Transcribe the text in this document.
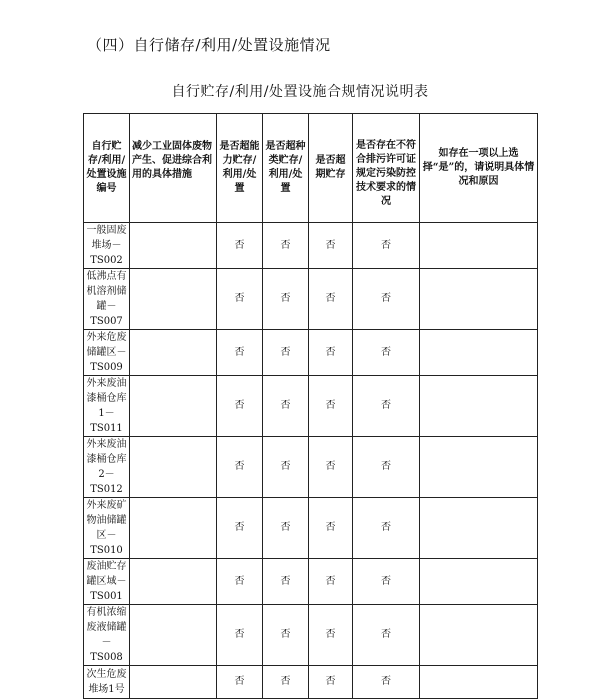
（四）自行储存/利用/处置设施情况
自行贮存/利用/处置设施合规情况说明表
自行贮存/利用/处置设施编号	减少工业固体废物产生、促进综合利用的具体措施	是否超能力贮存/利用/处置	是否超种类贮存/利用/处置	是否超期贮存	是否存在不符合排污许可证规定污染防控技术要求的情况	如存在一项以上选择“是”的，请说明具体情况和原因
一般固废堆场－TS002		否	否	否	否	
低沸点有机溶剂储罐－TS007		否	否	否	否	
外来危废储罐区－TS009		否	否	否	否	
外来废油漆桶仓库1－TS011		否	否	否	否	
外来废油漆桶仓库2－TS012		否	否	否	否	
外来废矿物油储罐区－TS010		否	否	否	否	
废油贮存罐区域－TS001		否	否	否	否	
有机浓缩废液储罐－TS008		否	否	否	否	
次生危废堆场1号		否	否	否	否	
